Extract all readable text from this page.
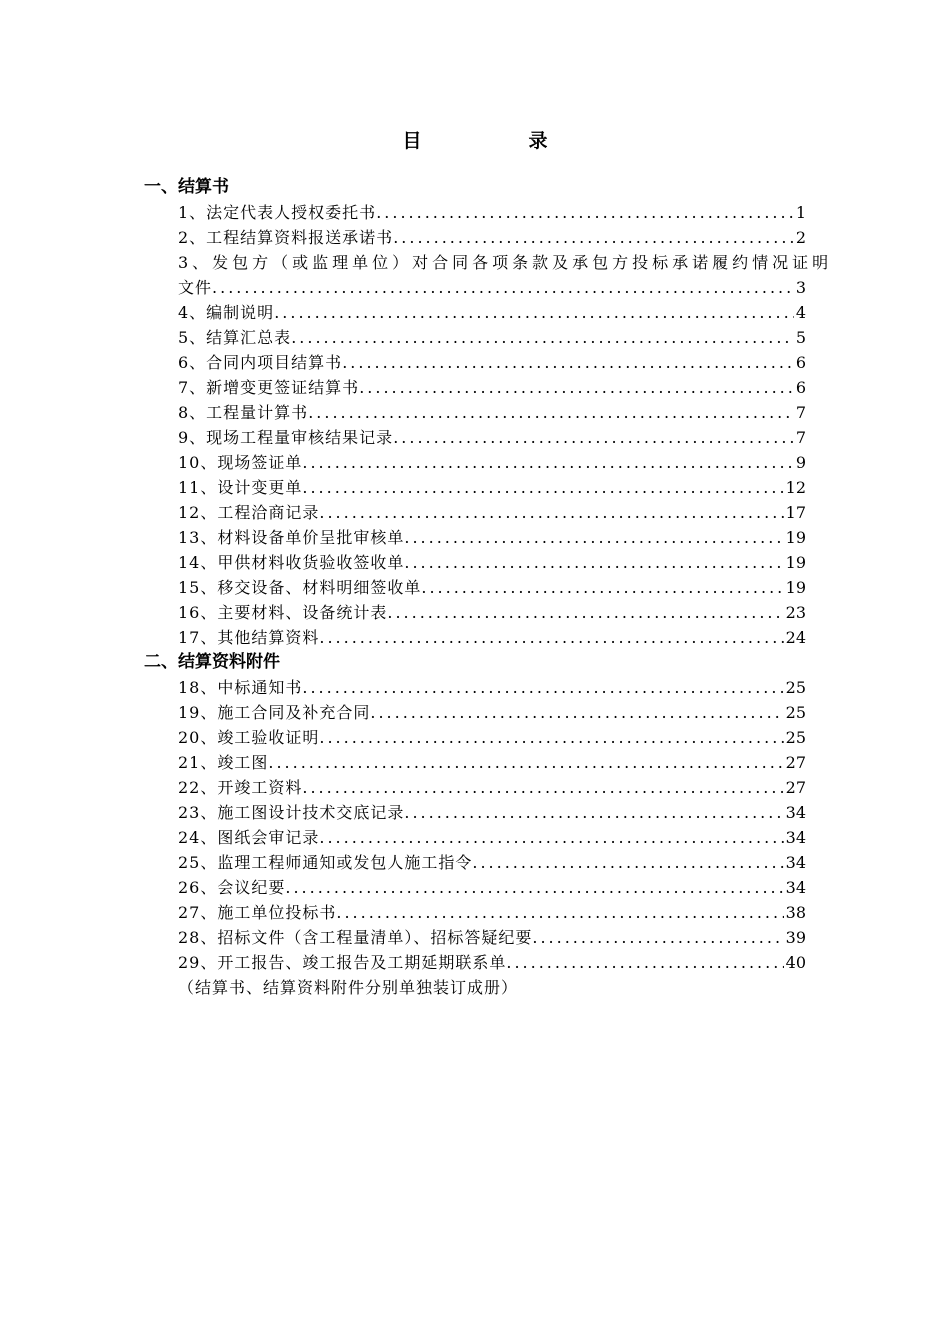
目　录
一、结算书
1、法定代表人授权委托书 .....	1
2、工程结算资料报送承诺书 .....	2
3、发包方（或监理单位）对合同各项条款及承包方投标承诺履约情况证明
文件 .....	3
4、编制说明 .....	4
5、结算汇总表 .....	5
6、合同内项目结算书 .....	6
7、新增变更签证结算书 .....	6
8、工程量计算书 .....	7
9、现场工程量审核结果记录 .....	7
10、现场签证单 .....	9
11、设计变更单 .....	12
12、工程洽商记录 .....	17
13、材料设备单价呈批审核单 .....	19
14、甲供材料收货验收签收单 .....	19
15、移交设备、材料明细签收单 .....	19
16、主要材料、设备统计表 .....	23
17、其他结算资料 .....	24
二、结算资料附件
18、中标通知书 .....	25
19、施工合同及补充合同 .....	25
20、竣工验收证明 .....	25
21、竣工图 .....	27
22、开竣工资料 .....	27
23、施工图设计技术交底记录 .....	34
24、图纸会审记录 .....	34
25、监理工程师通知或发包人施工指令 .....	34
26、会议纪要 .....	34
27、施工单位投标书 .....	38
28、招标文件（含工程量清单）、招标答疑纪要 .....	39
29、开工报告、竣工报告及工期延期联系单 .....	40
（结算书、结算资料附件分别单独装订成册）
